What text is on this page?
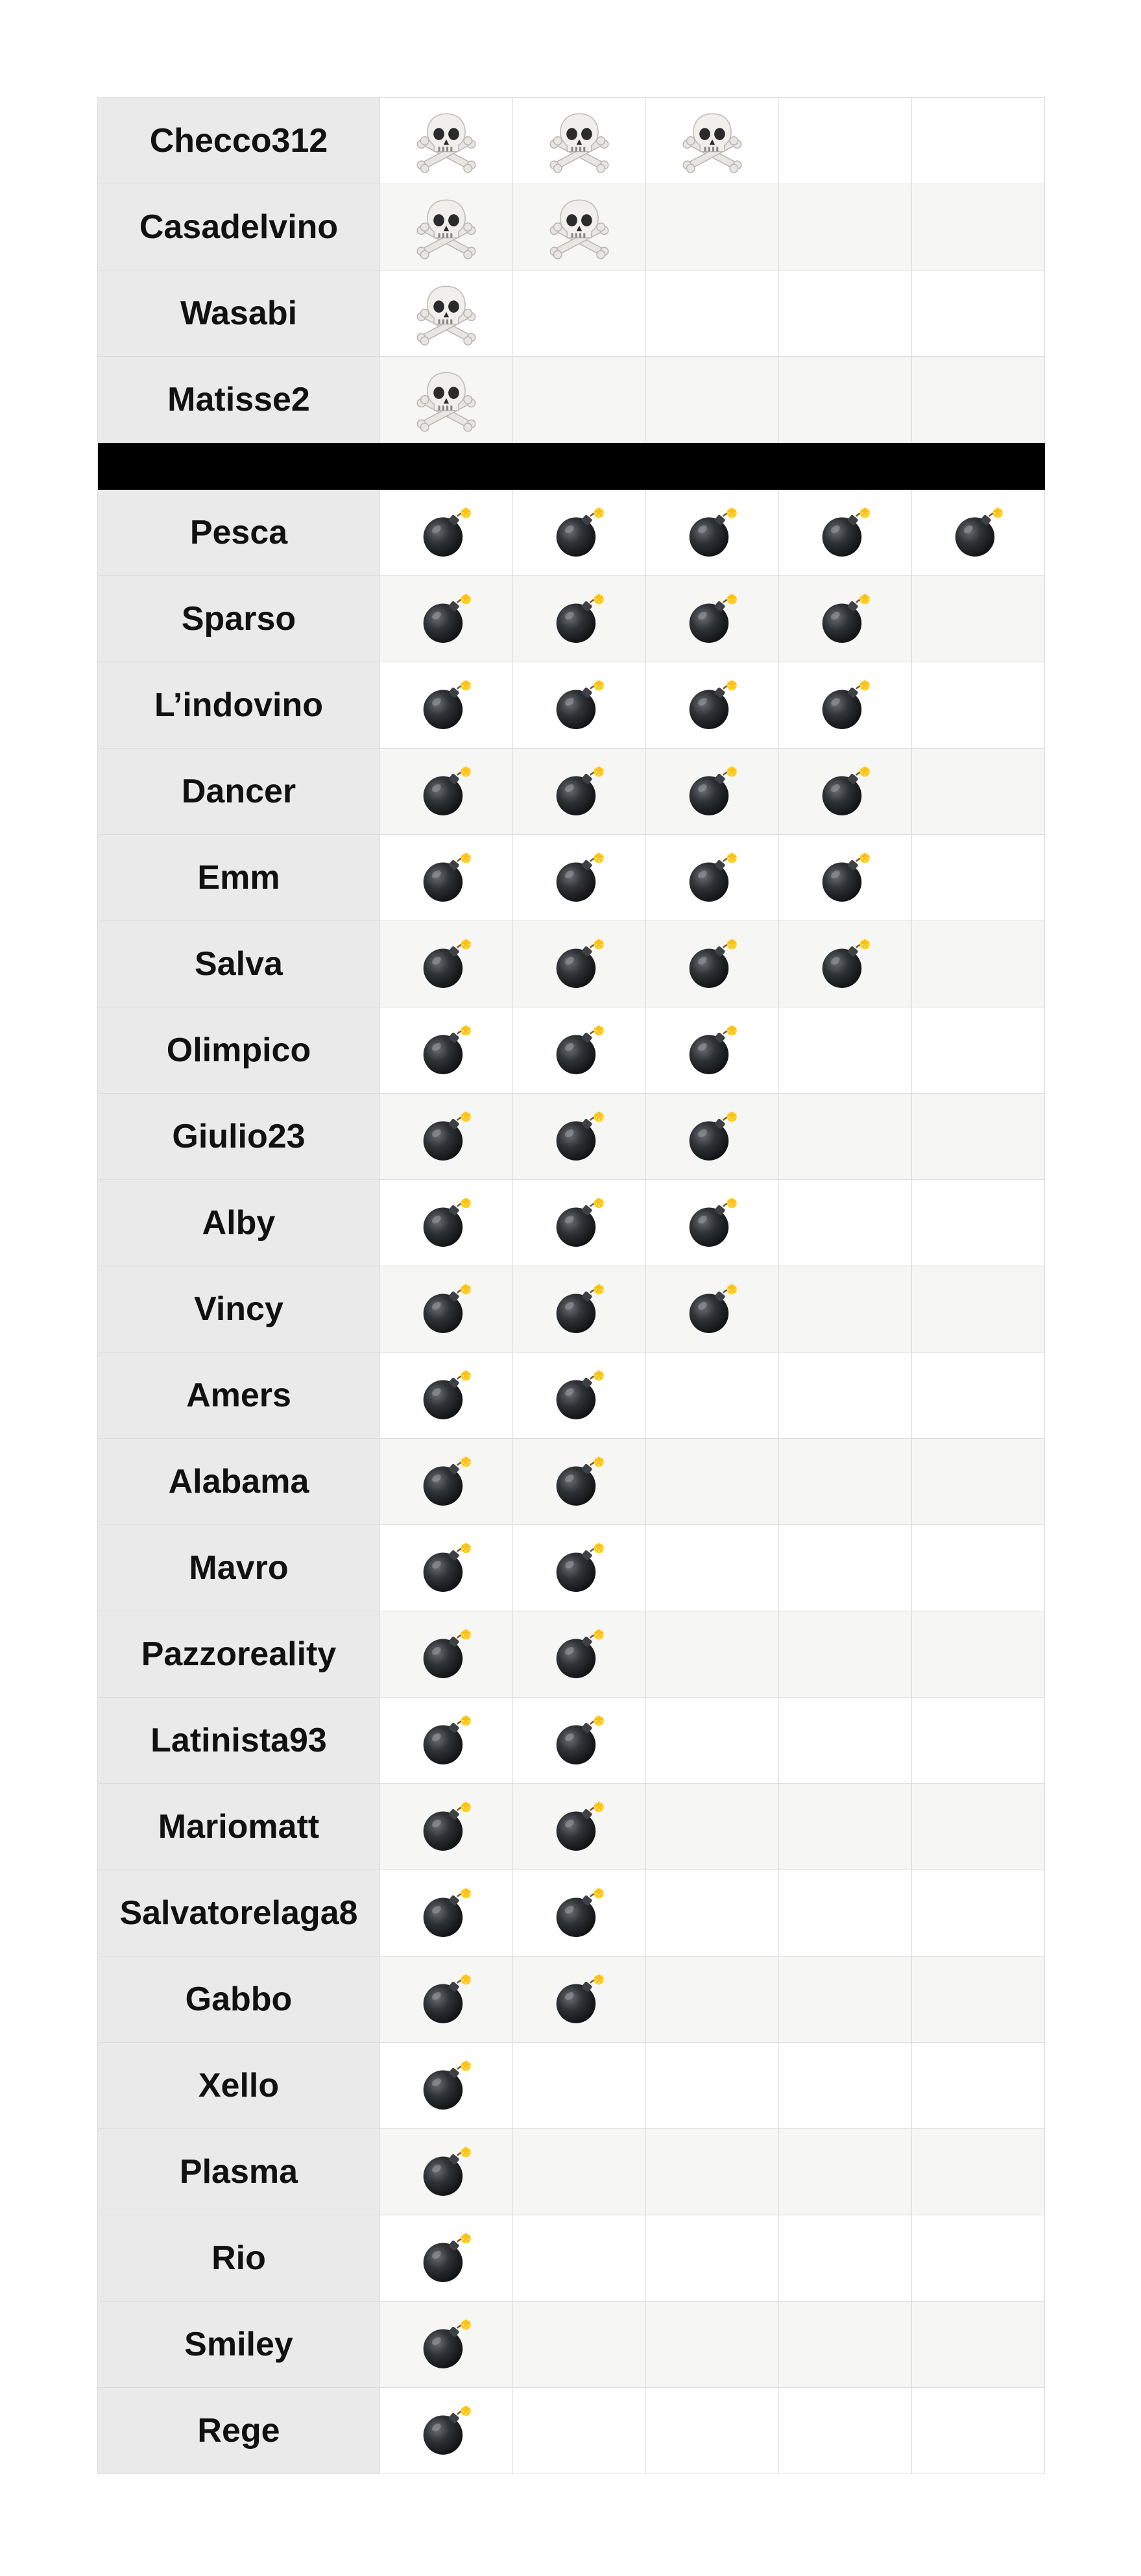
Checco312
Casadelvino
Wasabi
Matisse2
Pesca
Sparso
L’indovino
Dancer
Emm
Salva
Olimpico
Giulio23
Alby
Vincy
Amers
Alabama
Mavro
Pazzoreality
Latinista93
Mariomatt
Salvatorelaga8
Gabbo
Xello
Plasma
Rio
Smiley
Rege
